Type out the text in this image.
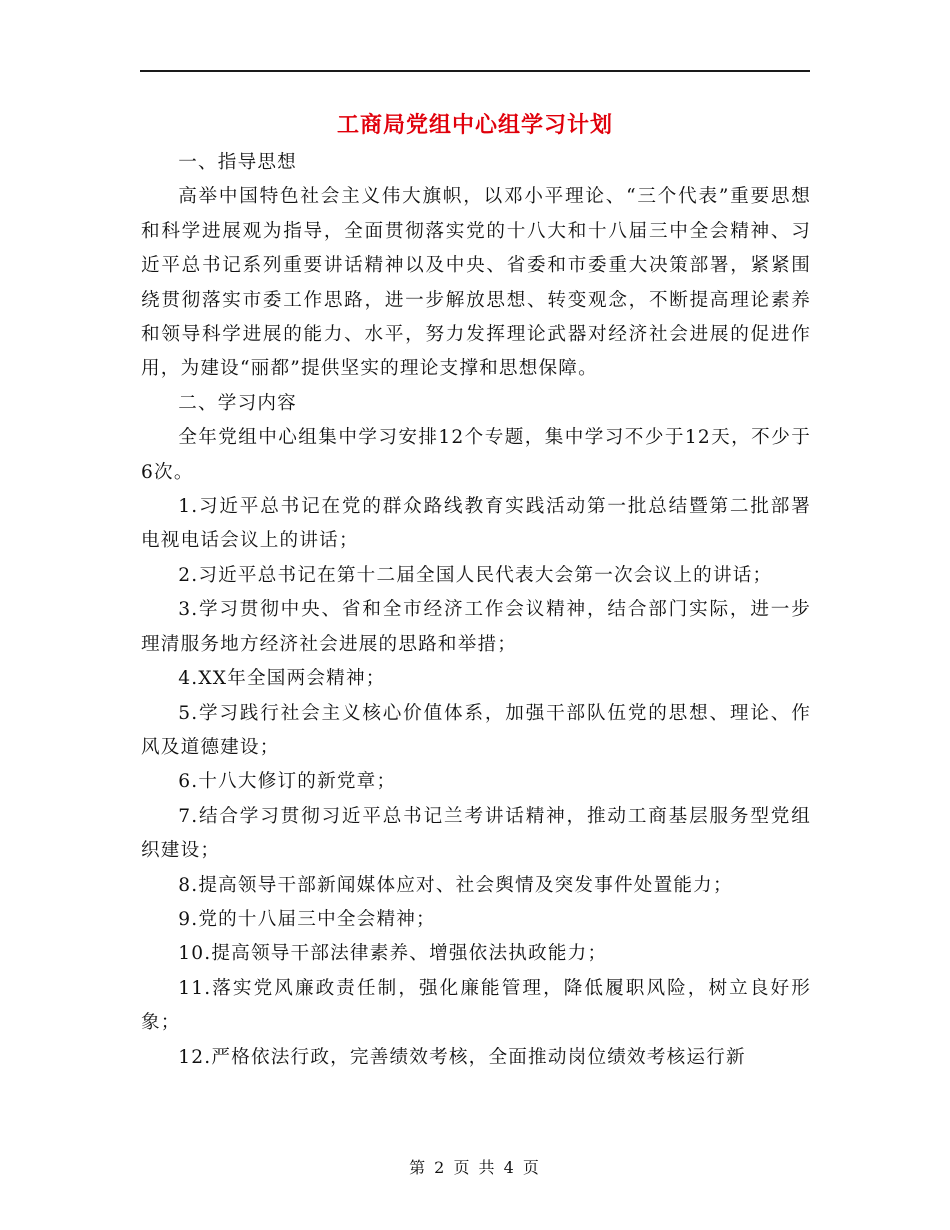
工商局党组中心组学习计划

一、指导思想

高举中国特色社会主义伟大旗帜，以邓小平理论、“三个代表”重要思想和科学进展观为指导，全面贯彻落实党的十八大和十八届三中全会精神、习近平总书记系列重要讲话精神以及中央、省委和市委重大决策部署，紧紧围绕贯彻落实市委工作思路，进一步解放思想、转变观念，不断提高理论素养和领导科学进展的能力、水平，努力发挥理论武器对经济社会进展的促进作用，为建设“丽都”提供坚实的理论支撑和思想保障。

二、学习内容

全年党组中心组集中学习安排12个专题，集中学习不少于12天，不少于6次。

1.习近平总书记在党的群众路线教育实践活动第一批总结暨第二批部署电视电话会议上的讲话；

2.习近平总书记在第十二届全国人民代表大会第一次会议上的讲话；

3.学习贯彻中央、省和全市经济工作会议精神，结合部门实际，进一步理清服务地方经济社会进展的思路和举措；

4.XX年全国两会精神；

5.学习践行社会主义核心价值体系，加强干部队伍党的思想、理论、作风及道德建设；

6.十八大修订的新党章；

7.结合学习贯彻习近平总书记兰考讲话精神，推动工商基层服务型党组织建设；

8.提高领导干部新闻媒体应对、社会舆情及突发事件处置能力；

9.党的十八届三中全会精神；

10.提高领导干部法律素养、增强依法执政能力；

11.落实党风廉政责任制，强化廉能管理，降低履职风险，树立良好形象；

12.严格依法行政，完善绩效考核，全面推动岗位绩效考核运行新

第 2 页 共 4 页
